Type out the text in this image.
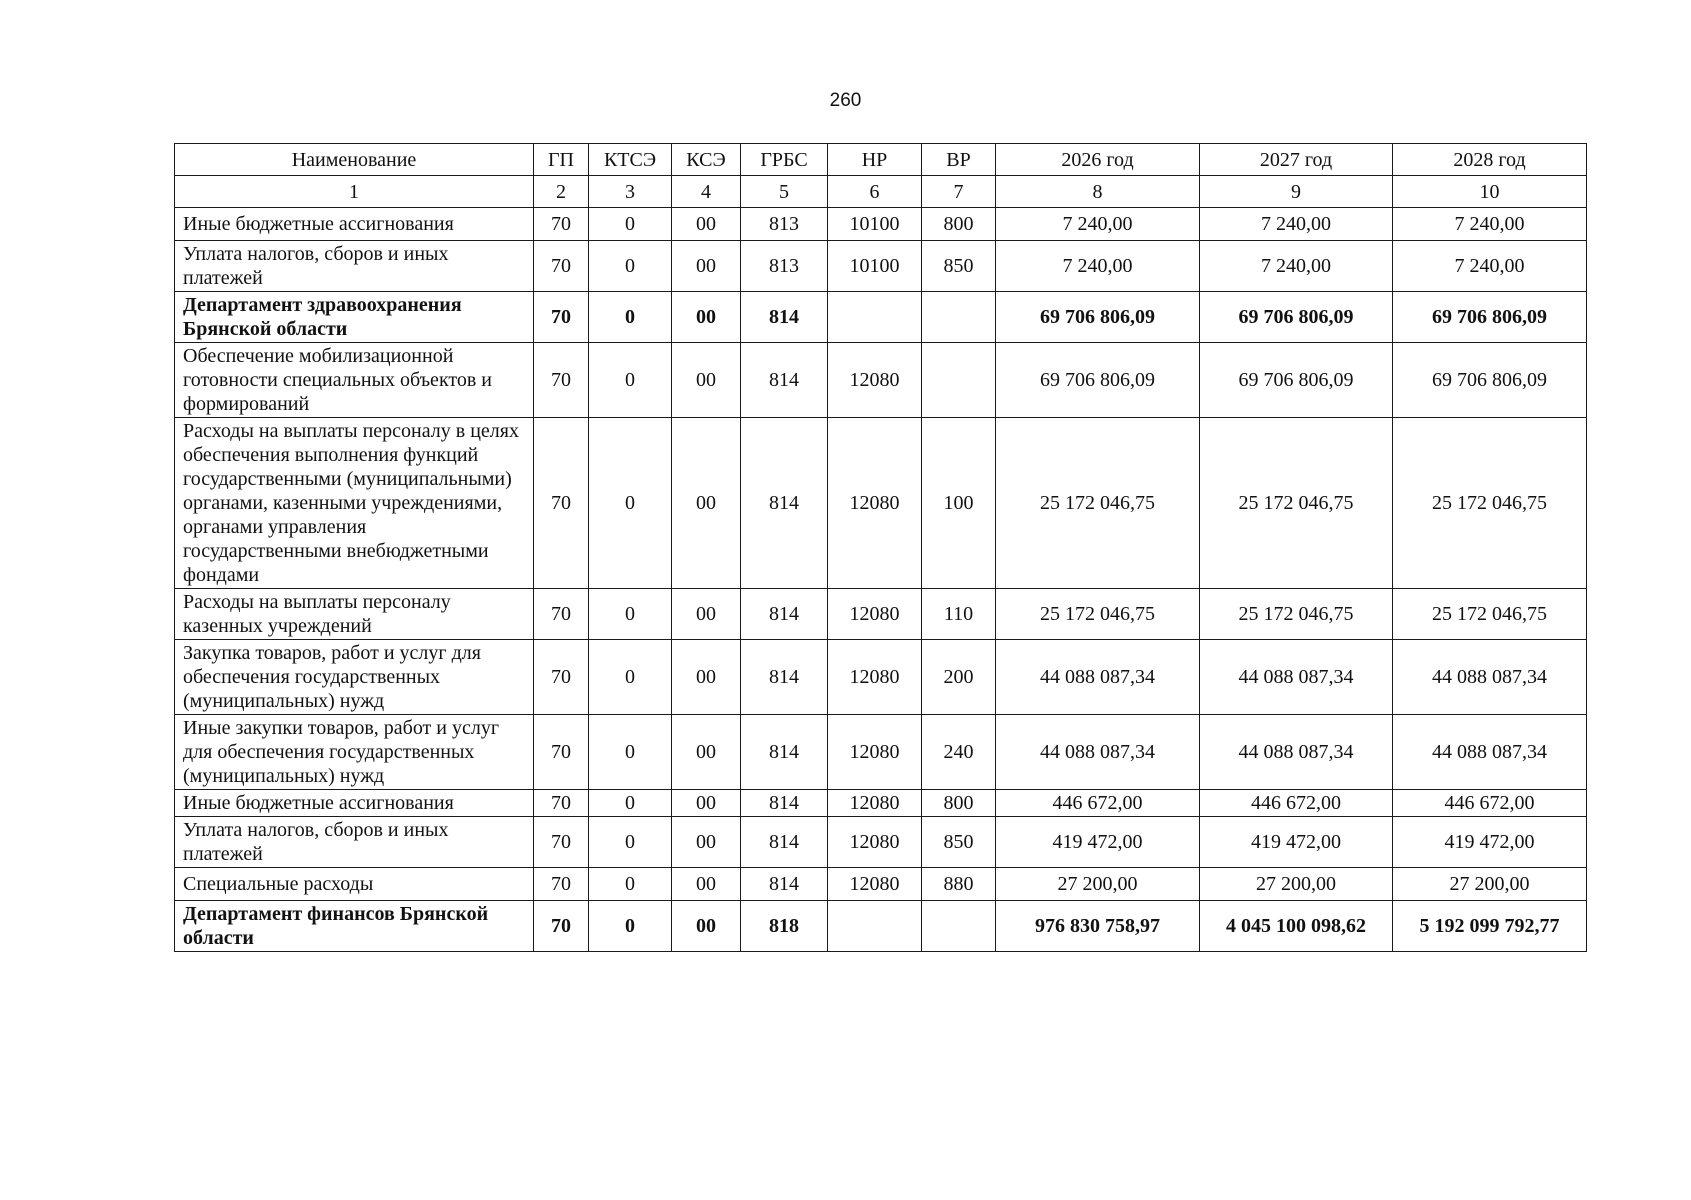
260
Наименование	ГП	КТСЭ	КСЭ	ГРБС	НР	ВР	2026 год	2027 год	2028 год
1	2	3	4	5	6	7	8	9	10
Иные бюджетные ассигнования	70	0	00	813	10100	800	7 240,00	7 240,00	7 240,00
Уплата налогов, сборов и иных платежей	70	0	00	813	10100	850	7 240,00	7 240,00	7 240,00
Департамент здравоохранения Брянской области	70	0	00	814			69 706 806,09	69 706 806,09	69 706 806,09
Обеспечение мобилизационной готовности специальных объектов и формирований	70	0	00	814	12080		69 706 806,09	69 706 806,09	69 706 806,09
Расходы на выплаты персоналу в целях обеспечения выполнения функций государственными (муниципальными) органами, казенными учреждениями, органами управления государственными внебюджетными фондами	70	0	00	814	12080	100	25 172 046,75	25 172 046,75	25 172 046,75
Расходы на выплаты персоналу казенных учреждений	70	0	00	814	12080	110	25 172 046,75	25 172 046,75	25 172 046,75
Закупка товаров, работ и услуг для обеспечения государственных (муниципальных) нужд	70	0	00	814	12080	200	44 088 087,34	44 088 087,34	44 088 087,34
Иные закупки товаров, работ и услуг для обеспечения государственных (муниципальных) нужд	70	0	00	814	12080	240	44 088 087,34	44 088 087,34	44 088 087,34
Иные бюджетные ассигнования	70	0	00	814	12080	800	446 672,00	446 672,00	446 672,00
Уплата налогов, сборов и иных платежей	70	0	00	814	12080	850	419 472,00	419 472,00	419 472,00
Специальные расходы	70	0	00	814	12080	880	27 200,00	27 200,00	27 200,00
Департамент финансов Брянской области	70	0	00	818			976 830 758,97	4 045 100 098,62	5 192 099 792,77
